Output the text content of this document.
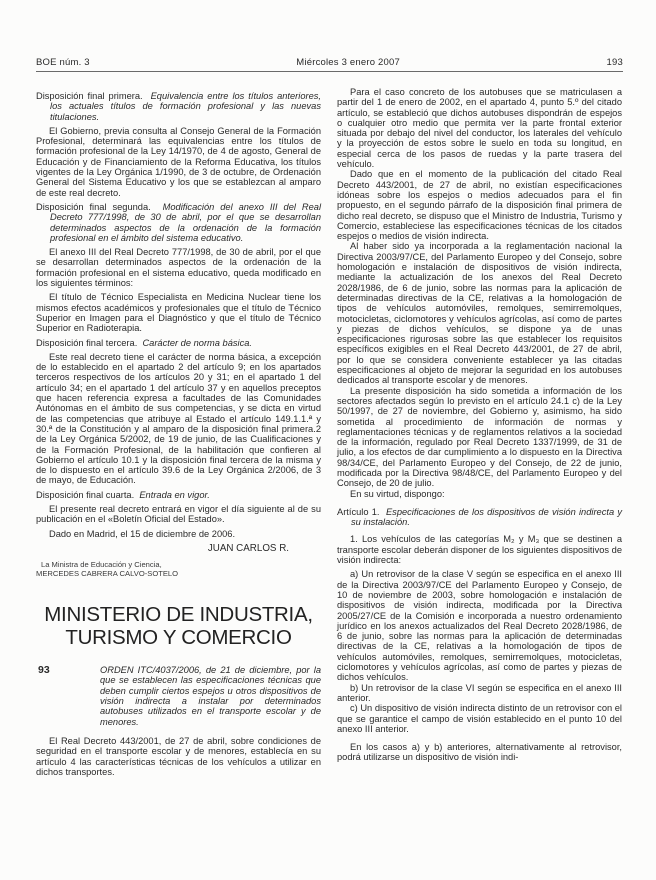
BOE núm. 3	Miércoles 3 enero 2007	193
Disposición final primera. Equivalencia entre los títulos anteriores, los actuales títulos de formación profesional y las nuevas titulaciones.

El Gobierno, previa consulta al Consejo General de la Formación Profesional, determinará las equivalencias entre los títulos de formación profesional de la Ley 14/1970, de 4 de agosto, General de Educación y de Financiamiento de la Reforma Educativa, los títulos vigentes de la Ley Orgánica 1/1990, de 3 de octubre, de Ordenación General del Sistema Educativo y los que se establezcan al amparo de este real decreto.

Disposición final segunda. Modificación del anexo III del Real Decreto 777/1998, de 30 de abril, por el que se desarrollan determinados aspectos de la ordenación de la formación profesional en el ámbito del sistema educativo.

El anexo III del Real Decreto 777/1998, de 30 de abril, por el que se desarrollan determinados aspectos de la ordenación de la formación profesional en el sistema educativo, queda modificado en los siguientes términos:

El título de Técnico Especialista en Medicina Nuclear tiene los mismos efectos académicos y profesionales que el título de Técnico Superior en Imagen para el Diagnóstico y que el título de Técnico Superior en Radioterapia.

Disposición final tercera. Carácter de norma básica.

Este real decreto tiene el carácter de norma básica, a excepción de lo establecido en el apartado 2 del artículo 9; en los apartados terceros respectivos de los artículos 20 y 31; en el apartado 1 del artículo 34; en el apartado 1 del artículo 37 y en aquellos preceptos que hacen referencia expresa a facultades de las Comunidades Autónomas en el ámbito de sus competencias, y se dicta en virtud de las competencias que atribuye al Estado el artículo 149.1.1.ª y 30.ª de la Constitución y al amparo de la disposición final primera.2 de la Ley Orgánica 5/2002, de 19 de junio, de las Cualificaciones y de la Formación Profesional, de la habilitación que confieren al Gobierno el artículo 10.1 y la disposición final tercera de la misma y de lo dispuesto en el artículo 39.6 de la Ley Orgánica 2/2006, de 3 de mayo, de Educación.

Disposición final cuarta. Entrada en vigor.

El presente real decreto entrará en vigor el día siguiente al de su publicación en el «Boletín Oficial del Estado».

Dado en Madrid, el 15 de diciembre de 2006.

JUAN CARLOS R.
La Ministra de Educación y Ciencia,
MERCEDES CABRERA CALVO-SOTELO
MINISTERIO DE INDUSTRIA,
TURISMO Y COMERCIO
93	ORDEN ITC/4037/2006, de 21 de diciembre, por la que se establecen las especificaciones técnicas que deben cumplir ciertos espejos u otros dispositivos de visión indirecta a instalar por determinados autobuses utilizados en el transporte escolar y de menores.

El Real Decreto 443/2001, de 27 de abril, sobre condiciones de seguridad en el transporte escolar y de menores, establecía en su artículo 4 las características técnicas de los vehículos a utilizar en dichos transportes.

Para el caso concreto de los autobuses que se matriculasen a partir del 1 de enero de 2002, en el apartado 4, punto 5.º del citado artículo, se estableció que dichos autobuses dispondrán de espejos o cualquier otro medio que permita ver la parte frontal exterior situada por debajo del nivel del conductor, los laterales del vehículo y la proyección de estos sobre le suelo en toda su longitud, en especial cerca de los pasos de ruedas y la parte trasera del vehículo.

Dado que en el momento de la publicación del citado Real Decreto 443/2001, de 27 de abril, no existían especificaciones idóneas sobre los espejos o medios adecuados para el fin propuesto, en el segundo párrafo de la disposición final primera de dicho real decreto, se dispuso que el Ministro de Industria, Turismo y Comercio, estableciese las especificaciones técnicas de los citados espejos o medios de visión indirecta.

Al haber sido ya incorporada a la reglamentación nacional la Directiva 2003/97/CE, del Parlamento Europeo y del Consejo, sobre homologación e instalación de dispositivos de visión indirecta, mediante la actualización de los anexos del Real Decreto 2028/1986, de 6 de junio, sobre las normas para la aplicación de determinadas directivas de la CE, relativas a la homologación de tipos de vehículos automóviles, remolques, semirremolques, motocicletas, ciclomotores y vehículos agrícolas, así como de partes y piezas de dichos vehículos, se dispone ya de unas especificaciones rigurosas sobre las que establecer los requisitos específicos exigibles en el Real Decreto 443/2001, de 27 de abril, por lo que se considera conveniente establecer ya las citadas especificaciones al objeto de mejorar la seguridad en los autobuses dedicados al transporte escolar y de menores.

La presente disposición ha sido sometida a información de los sectores afectados según lo previsto en el artículo 24.1 c) de la Ley 50/1997, de 27 de noviembre, del Gobierno y, asimismo, ha sido sometida al procedimiento de información de normas y reglamentaciones técnicas y de reglamentos relativos a la sociedad de la información, regulado por Real Decreto 1337/1999, de 31 de julio, a los efectos de dar cumplimiento a lo dispuesto en la Directiva 98/34/CE, del Parlamento Europeo y del Consejo, de 22 de junio, modificada por la Directiva 98/48/CE, del Parlamento Europeo y del Consejo, de 20 de julio.

En su virtud, dispongo:

Artículo 1. Especificaciones de los dispositivos de visión indirecta y su instalación.

1. Los vehículos de las categorías M₂ y M₃ que se destinen a transporte escolar deberán disponer de los siguientes dispositivos de visión indirecta:

a) Un retrovisor de la clase V según se especifica en el anexo III de la Directiva 2003/97/CE del Parlamento Europeo y Consejo, de 10 de noviembre de 2003, sobre homologación e instalación de dispositivos de visión indirecta, modificada por la Directiva 2005/27/CE de la Comisión e incorporada a nuestro ordenamiento jurídico en los anexos actualizados del Real Decreto 2028/1986, de 6 de junio, sobre las normas para la aplicación de determinadas directivas de la CE, relativas a la homologación de tipos de vehículos automóviles, remolques, semirremolques, motocicletas, ciclomotores y vehículos agrícolas, así como de partes y piezas de dichos vehículos.

b) Un retrovisor de la clase VI según se especifica en el anexo III anterior.

c) Un dispositivo de visión indirecta distinto de un retrovisor con el que se garantice el campo de visión establecido en el punto 10 del anexo III anterior.

En los casos a) y b) anteriores, alternativamente al retrovisor, podrá utilizarse un dispositivo de visión indi-
